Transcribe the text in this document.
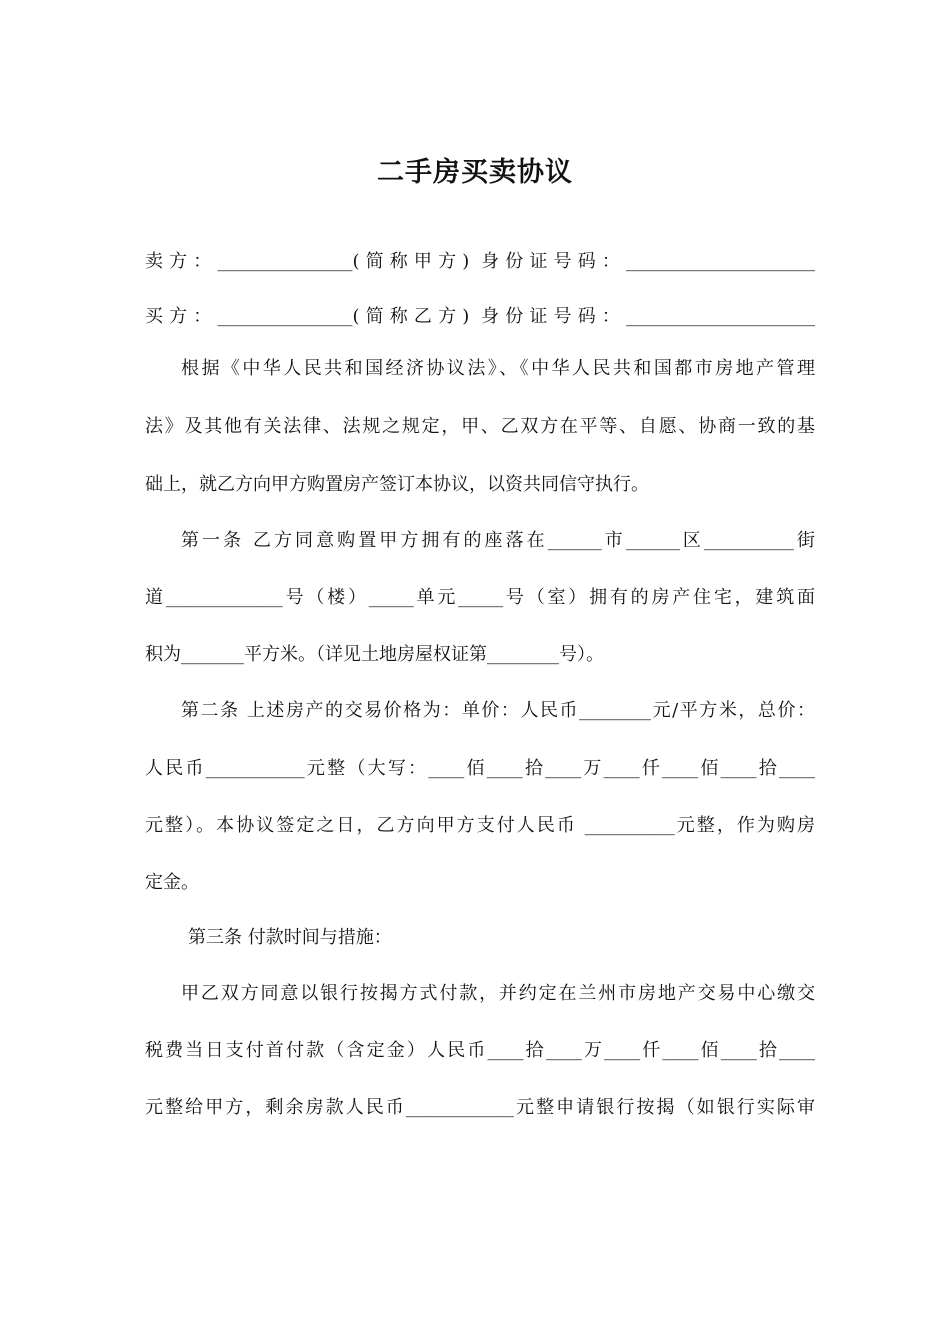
二手房买卖协议
卖方：_______________(简称甲方) 身份证号码：_____________________
买方：_______________(简称乙方) 身份证号码：_____________________
根据《中华人民共和国经济协议法》、《中华人民共和国都市房地产管理
法》及其他有关法律、法规之规定，甲、乙双方在平等、自愿、协商一致的基
础上，就乙方向甲方购置房产签订本协议，以资共同信守执行。
第一条 乙方同意购置甲方拥有的座落在______市______区__________街
道_____________号（楼）_____单元_____号（室）拥有的房产住宅，建筑面
积为_______平方米。（详见土地房屋权证第________号）。
第二条 上述房产的交易价格为：单价：人民币________元/平方米，总价：
人民币___________元整（大写：____佰____拾____万____仟____佰____拾____
元整）。本协议签定之日，乙方向甲方支付人民币 __________元整，作为购房
定金。
第三条 付款时间与措施：
甲乙双方同意以银行按揭方式付款，并约定在兰州市房地产交易中心缴交
税费当日支付首付款（含定金）人民币____拾____万____仟____佰____拾____
元整给甲方，剩余房款人民币____________元整申请银行按揭（如银行实际审
